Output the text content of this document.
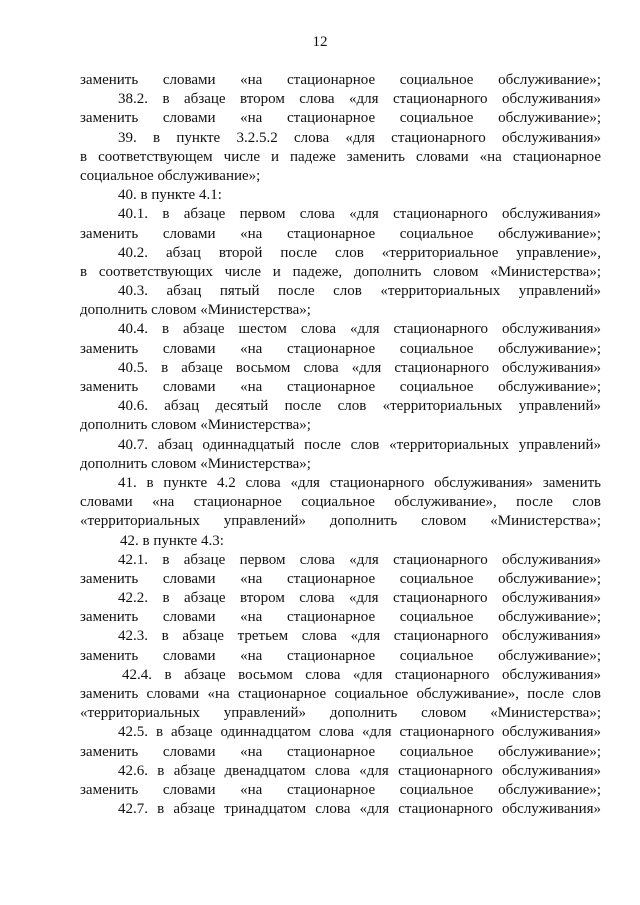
12
заменить словами «на стационарное социальное обслуживание»;
38.2. в абзаце втором слова «для стационарного обслуживания»
заменить словами «на стационарное социальное обслуживание»;
39. в пункте 3.2.5.2 слова «для стационарного обслуживания»
в соответствующем числе и падеже заменить словами «на стационарное
социальное обслуживание»;
40. в пункте 4.1:
40.1. в абзаце первом слова «для стационарного обслуживания»
заменить словами «на стационарное социальное обслуживание»;
40.2. абзац второй после слов «территориальное управление»,
в соответствующих числе и падеже, дополнить словом «Министерства»;
40.3. абзац пятый после слов «территориальных управлений»
дополнить словом «Министерства»;
40.4. в абзаце шестом слова «для стационарного обслуживания»
заменить словами «на стационарное социальное обслуживание»;
40.5. в абзаце восьмом слова «для стационарного обслуживания»
заменить словами «на стационарное социальное обслуживание»;
40.6. абзац десятый после слов «территориальных управлений»
дополнить словом «Министерства»;
40.7. абзац одиннадцатый после слов «территориальных управлений»
дополнить словом «Министерства»;
41. в пункте 4.2 слова «для стационарного обслуживания» заменить
словами «на стационарное социальное обслуживание», после слов
«территориальных управлений» дополнить словом «Министерства»;
42. в пункте 4.3:
42.1. в абзаце первом слова «для стационарного обслуживания»
заменить словами «на стационарное социальное обслуживание»;
42.2. в абзаце втором слова «для стационарного обслуживания»
заменить словами «на стационарное социальное обслуживание»;
42.3. в абзаце третьем слова «для стационарного обслуживания»
заменить словами «на стационарное социальное обслуживание»;
42.4. в абзаце восьмом слова «для стационарного обслуживания»
заменить словами «на стационарное социальное обслуживание», после слов
«территориальных управлений» дополнить словом «Министерства»;
42.5. в абзаце одиннадцатом слова «для стационарного обслуживания»
заменить словами «на стационарное социальное обслуживание»;
42.6. в абзаце двенадцатом слова «для стационарного обслуживания»
заменить словами «на стационарное социальное обслуживание»;
42.7. в абзаце тринадцатом слова «для стационарного обслуживания»
